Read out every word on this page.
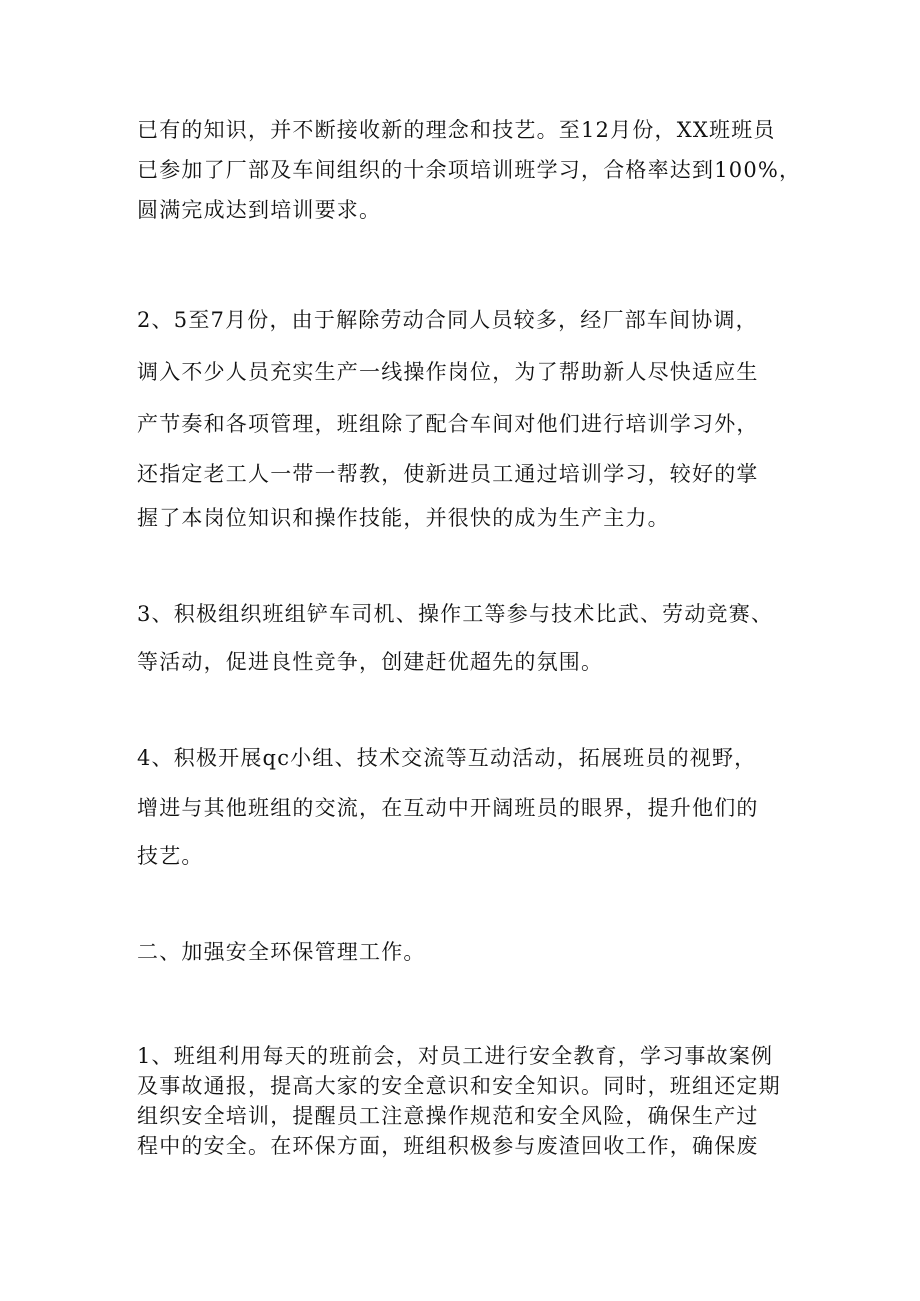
已有的知识，并不断接收新的理念和技艺。至12月份，XX班班员
已参加了厂部及车间组织的十余项培训班学习，合格率达到100%，
圆满完成达到培训要求。
2、5至7月份，由于解除劳动合同人员较多，经厂部车间协调，
调入不少人员充实生产一线操作岗位，为了帮助新人尽快适应生
产节奏和各项管理，班组除了配合车间对他们进行培训学习外，
还指定老工人一带一帮教，使新进员工通过培训学习，较好的掌
握了本岗位知识和操作技能，并很快的成为生产主力。
3、积极组织班组铲车司机、操作工等参与技术比武、劳动竞赛、
等活动，促进良性竞争，创建赶优超先的氛围。
4、积极开展qc小组、技术交流等互动活动，拓展班员的视野，
增进与其他班组的交流，在互动中开阔班员的眼界，提升他们的
技艺。
二、加强安全环保管理工作。
1、班组利用每天的班前会，对员工进行安全教育，学习事故案例
及事故通报，提高大家的安全意识和安全知识。同时，班组还定期
组织安全培训，提醒员工注意操作规范和安全风险，确保生产过
程中的安全。在环保方面，班组积极参与废渣回收工作，确保废
